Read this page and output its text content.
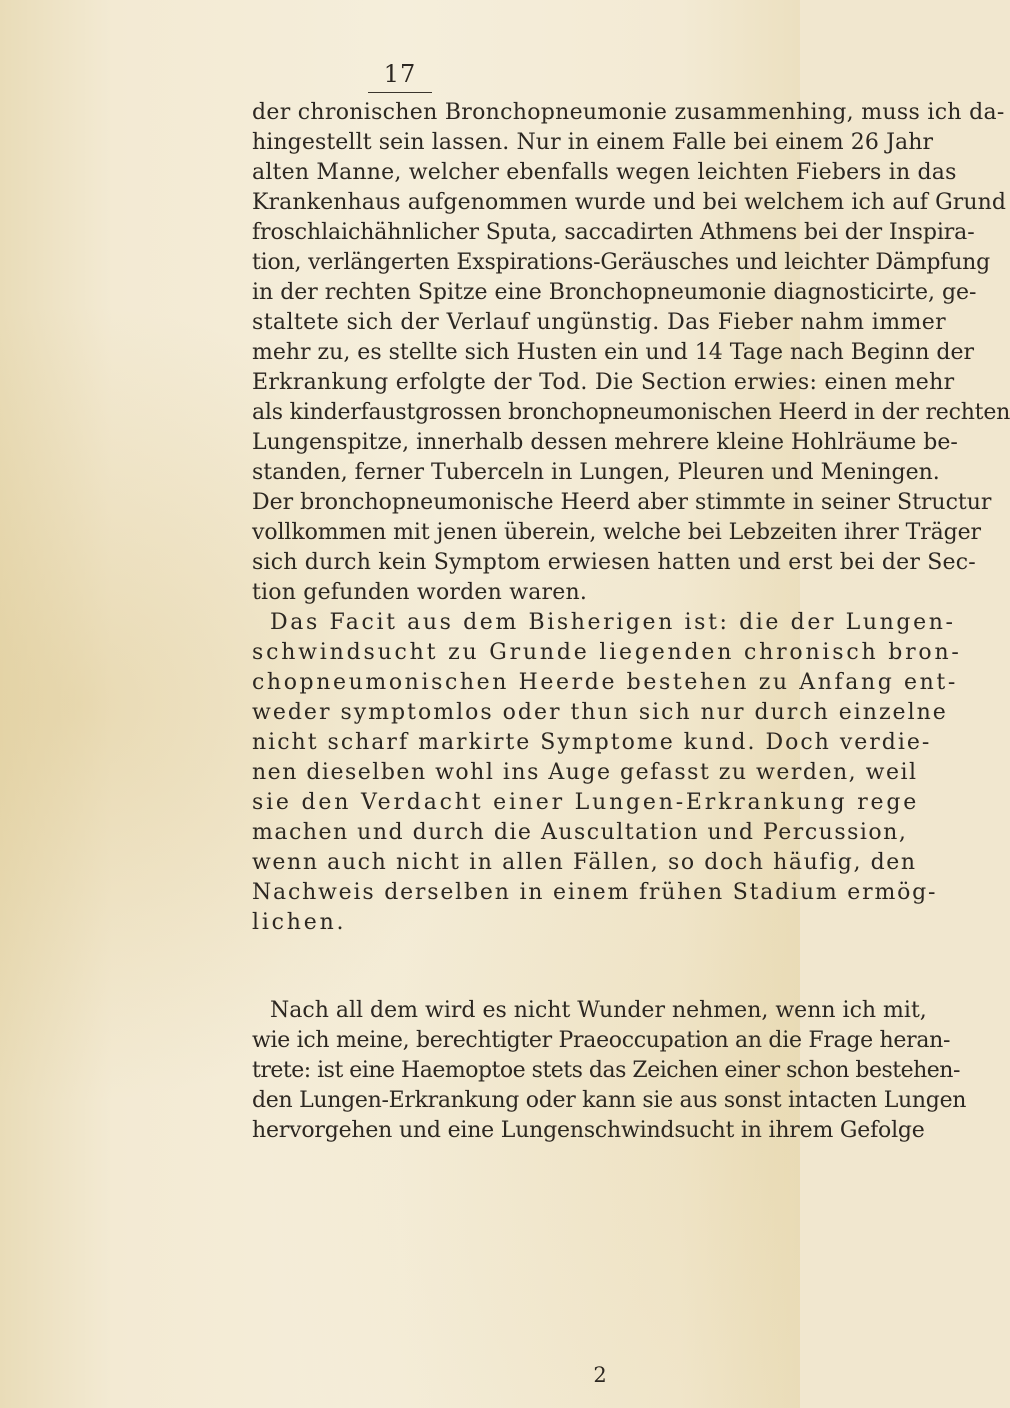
17
der chronischen Bronchopneumonie zusammenhing, muss ich da-
hingestellt sein lassen. Nur in einem Falle bei einem 26 Jahr
alten Manne, welcher ebenfalls wegen leichten Fiebers in das
Krankenhaus aufgenommen wurde und bei welchem ich auf Grund
froschlaichähnlicher Sputa, saccadirten Athmens bei der Inspira-
tion, verlängerten Exspirations-Geräusches und leichter Dämpfung
in der rechten Spitze eine Bronchopneumonie diagnosticirte, ge-
staltete sich der Verlauf ungünstig. Das Fieber nahm immer
mehr zu, es stellte sich Husten ein und 14 Tage nach Beginn der
Erkrankung erfolgte der Tod. Die Section erwies: einen mehr
als kinderfaustgrossen bronchopneumonischen Heerd in der rechten
Lungenspitze, innerhalb dessen mehrere kleine Hohlräume be-
standen, ferner Tuberceln in Lungen, Pleuren und Meningen.
Der bronchopneumonische Heerd aber stimmte in seiner Structur
vollkommen mit jenen überein, welche bei Lebzeiten ihrer Träger
sich durch kein Symptom erwiesen hatten und erst bei der Sec-
tion gefunden worden waren.
Das Facit aus dem Bisherigen ist: die der Lungen-
schwindsucht zu Grunde liegenden chronisch bron-
chopneumonischen Heerde bestehen zu Anfang ent-
weder symptomlos oder thun sich nur durch einzelne
nicht scharf markirte Symptome kund. Doch verdie-
nen dieselben wohl ins Auge gefasst zu werden, weil
sie den Verdacht einer Lungen-Erkrankung rege
machen und durch die Auscultation und Percussion,
wenn auch nicht in allen Fällen, so doch häufig, den
Nachweis derselben in einem frühen Stadium ermög-
lichen.
Nach all dem wird es nicht Wunder nehmen, wenn ich mit,
wie ich meine, berechtigter Praeoccupation an die Frage heran-
trete: ist eine Haemoptoe stets das Zeichen einer schon bestehen-
den Lungen-Erkrankung oder kann sie aus sonst intacten Lungen
hervorgehen und eine Lungenschwindsucht in ihrem Gefolge
2
